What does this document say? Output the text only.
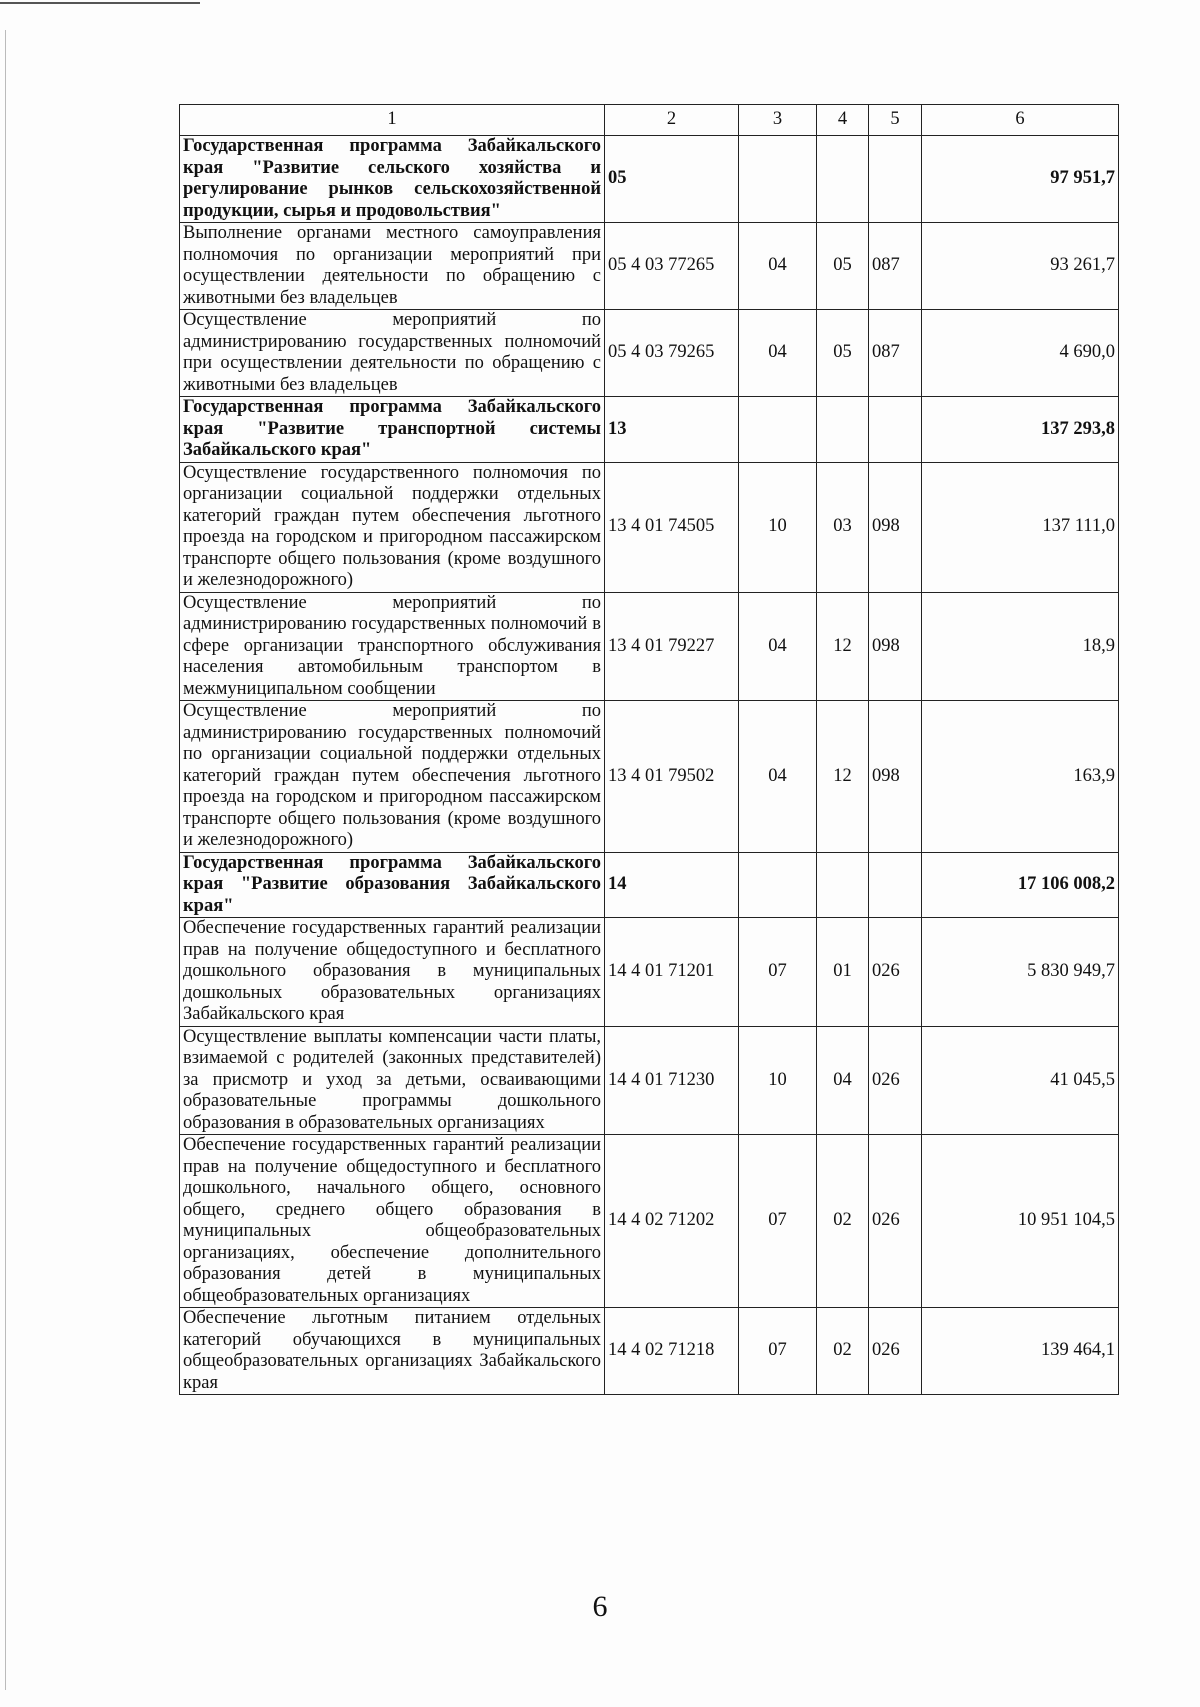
1	2	3	4	5	6
Государственная программа Забайкальского края "Развитие сельского хозяйства и регулирование рынков сельскохозяйственной продукции, сырья и продовольствия"	05				97 951,7
Выполнение органами местного самоуправления полномочия по организации мероприятий при осуществлении деятельности по обращению с животными без владельцев	05 4 03 77265	04	05	087	93 261,7
Осуществление мероприятий по администрированию государственных полномочий при осуществлении деятельности по обращению с животными без владельцев	05 4 03 79265	04	05	087	4 690,0
Государственная программа Забайкальского края "Развитие транспортной системы Забайкальского края"	13				137 293,8
Осуществление государственного полномочия по организации социальной поддержки отдельных категорий граждан путем обеспечения льготного проезда на городском и пригородном пассажирском транспорте общего пользования (кроме воздушного и железнодорожного)	13 4 01 74505	10	03	098	137 111,0
Осуществление мероприятий по администрированию государственных полномочий в сфере организации транспортного обслуживания населения автомобильным транспортом в межмуниципальном сообщении	13 4 01 79227	04	12	098	18,9
Осуществление мероприятий по администрированию государственных полномочий по организации социальной поддержки отдельных категорий граждан путем обеспечения льготного проезда на городском и пригородном пассажирском транспорте общего пользования (кроме воздушного и железнодорожного)	13 4 01 79502	04	12	098	163,9
Государственная программа Забайкальского края "Развитие образования Забайкальского края"	14				17 106 008,2
Обеспечение государственных гарантий реализации прав на получение общедоступного и бесплатного дошкольного образования в муниципальных дошкольных образовательных организациях Забайкальского края	14 4 01 71201	07	01	026	5 830 949,7
Осуществление выплаты компенсации части платы, взимаемой с родителей (законных представителей) за присмотр и уход за детьми, осваивающими образовательные программы дошкольного образования в образовательных организациях	14 4 01 71230	10	04	026	41 045,5
Обеспечение государственных гарантий реализации прав на получение общедоступного и бесплатного дошкольного, начального общего, основного общего, среднего общего образования в муниципальных общеобразовательных организациях, обеспечение дополнительного образования детей в муниципальных общеобразовательных организациях	14 4 02 71202	07	02	026	10 951 104,5
Обеспечение льготным питанием отдельных категорий обучающихся в муниципальных общеобразовательных организациях Забайкальского края	14 4 02 71218	07	02	026	139 464,1
6
